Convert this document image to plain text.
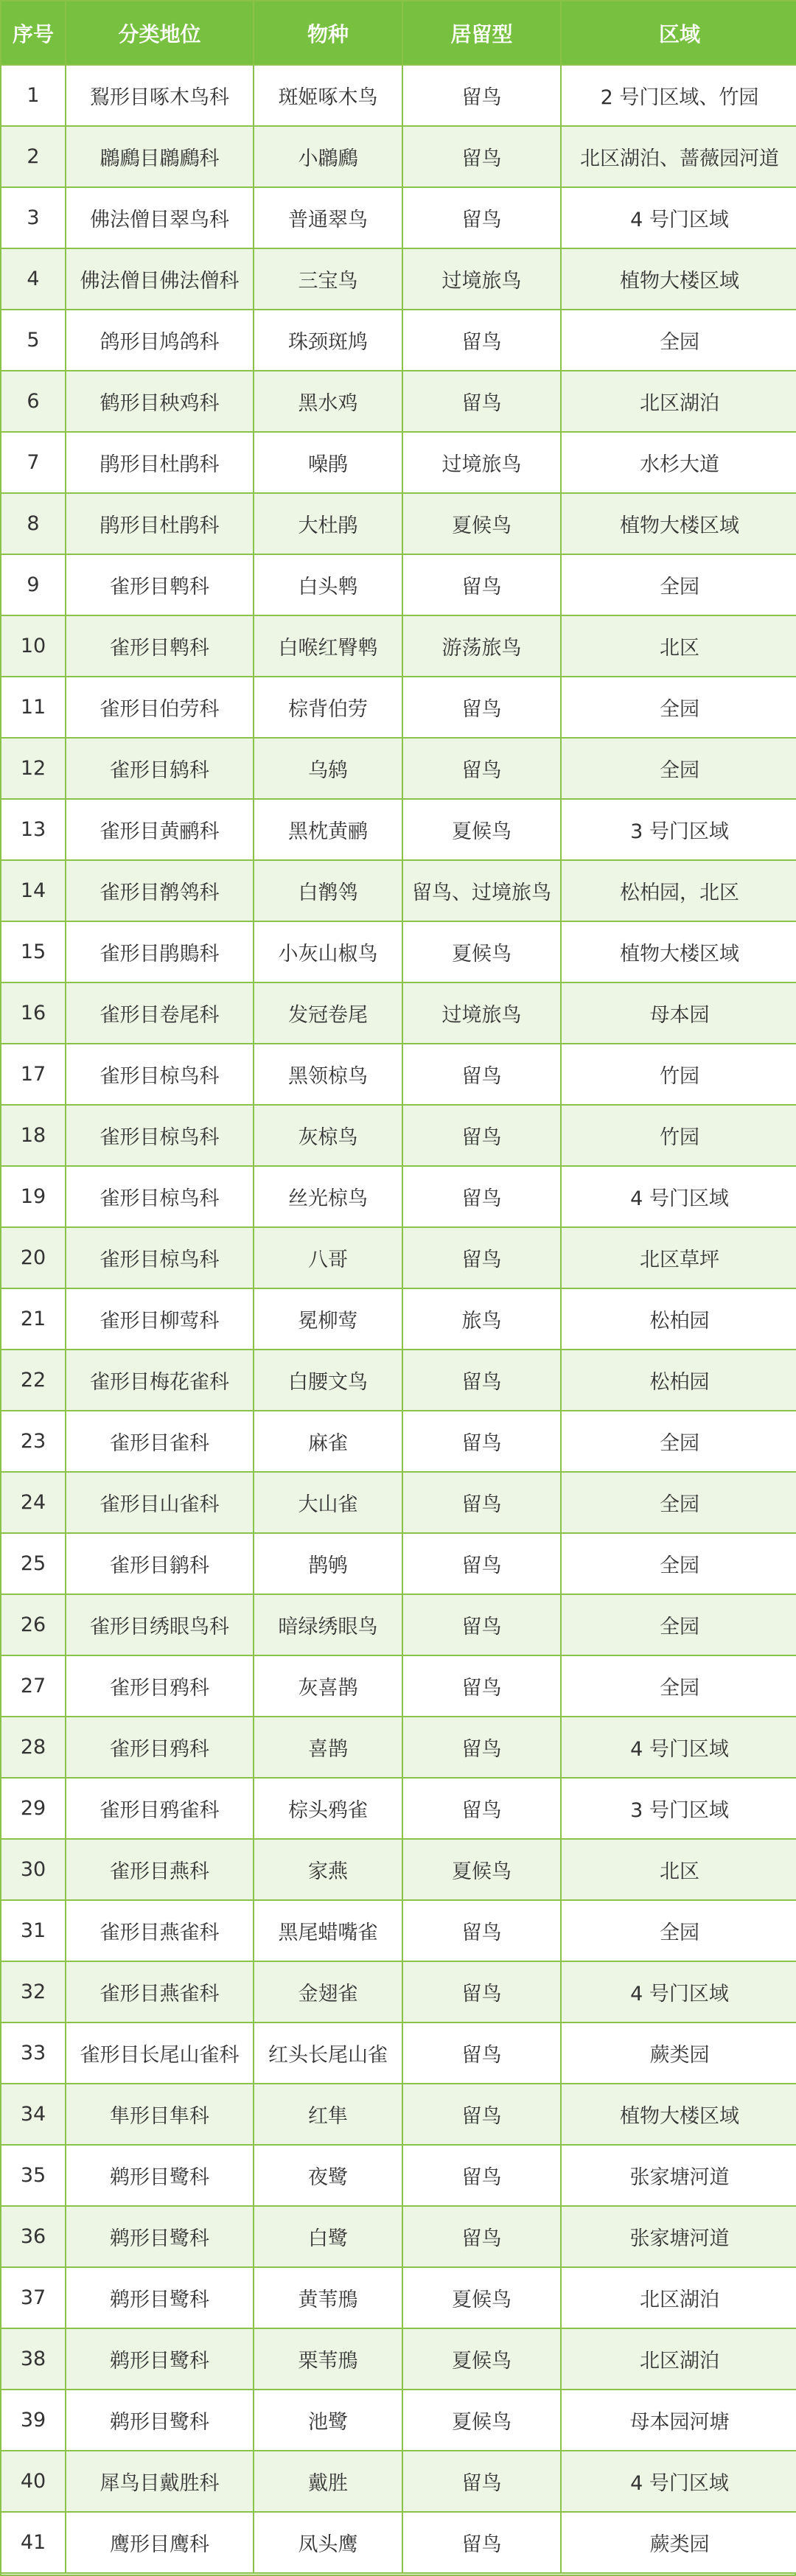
序号	分类地位	物种	居留型	区域
1	鴷形目啄木鸟科	斑姬啄木鸟	留鸟	2 号门区域、竹园
2	鸊鷉目鸊鷉科	小鸊鷉	留鸟	北区湖泊、蔷薇园河道
3	佛法僧目翠鸟科	普通翠鸟	留鸟	4 号门区域
4	佛法僧目佛法僧科	三宝鸟	过境旅鸟	植物大楼区域
5	鸽形目鸠鸽科	珠颈斑鸠	留鸟	全园
6	鹤形目秧鸡科	黑水鸡	留鸟	北区湖泊
7	鹃形目杜鹃科	噪鹃	过境旅鸟	水杉大道
8	鹃形目杜鹃科	大杜鹃	夏候鸟	植物大楼区域
9	雀形目鹎科	白头鹎	留鸟	全园
10	雀形目鹎科	白喉红臀鹎	游荡旅鸟	北区
11	雀形目伯劳科	棕背伯劳	留鸟	全园
12	雀形目鸫科	乌鸫	留鸟	全园
13	雀形目黄鹂科	黑枕黄鹂	夏候鸟	3 号门区域
14	雀形目鹡鸰科	白鹡鸰	留鸟、过境旅鸟	松柏园，北区
15	雀形目鹃鵙科	小灰山椒鸟	夏候鸟	植物大楼区域
16	雀形目卷尾科	发冠卷尾	过境旅鸟	母本园
17	雀形目椋鸟科	黑领椋鸟	留鸟	竹园
18	雀形目椋鸟科	灰椋鸟	留鸟	竹园
19	雀形目椋鸟科	丝光椋鸟	留鸟	4 号门区域
20	雀形目椋鸟科	八哥	留鸟	北区草坪
21	雀形目柳莺科	冕柳莺	旅鸟	松柏园
22	雀形目梅花雀科	白腰文鸟	留鸟	松柏园
23	雀形目雀科	麻雀	留鸟	全园
24	雀形目山雀科	大山雀	留鸟	全园
25	雀形目鹟科	鹊鸲	留鸟	全园
26	雀形目绣眼鸟科	暗绿绣眼鸟	留鸟	全园
27	雀形目鸦科	灰喜鹊	留鸟	全园
28	雀形目鸦科	喜鹊	留鸟	4 号门区域
29	雀形目鸦雀科	棕头鸦雀	留鸟	3 号门区域
30	雀形目燕科	家燕	夏候鸟	北区
31	雀形目燕雀科	黑尾蜡嘴雀	留鸟	全园
32	雀形目燕雀科	金翅雀	留鸟	4 号门区域
33	雀形目长尾山雀科	红头长尾山雀	留鸟	蕨类园
34	隼形目隼科	红隼	留鸟	植物大楼区域
35	鹈形目鹭科	夜鹭	留鸟	张家塘河道
36	鹈形目鹭科	白鹭	留鸟	张家塘河道
37	鹈形目鹭科	黄苇鳽	夏候鸟	北区湖泊
38	鹈形目鹭科	栗苇鳽	夏候鸟	北区湖泊
39	鹈形目鹭科	池鹭	夏候鸟	母本园河塘
40	犀鸟目戴胜科	戴胜	留鸟	4 号门区域
41	鹰形目鹰科	凤头鹰	留鸟	蕨类园
